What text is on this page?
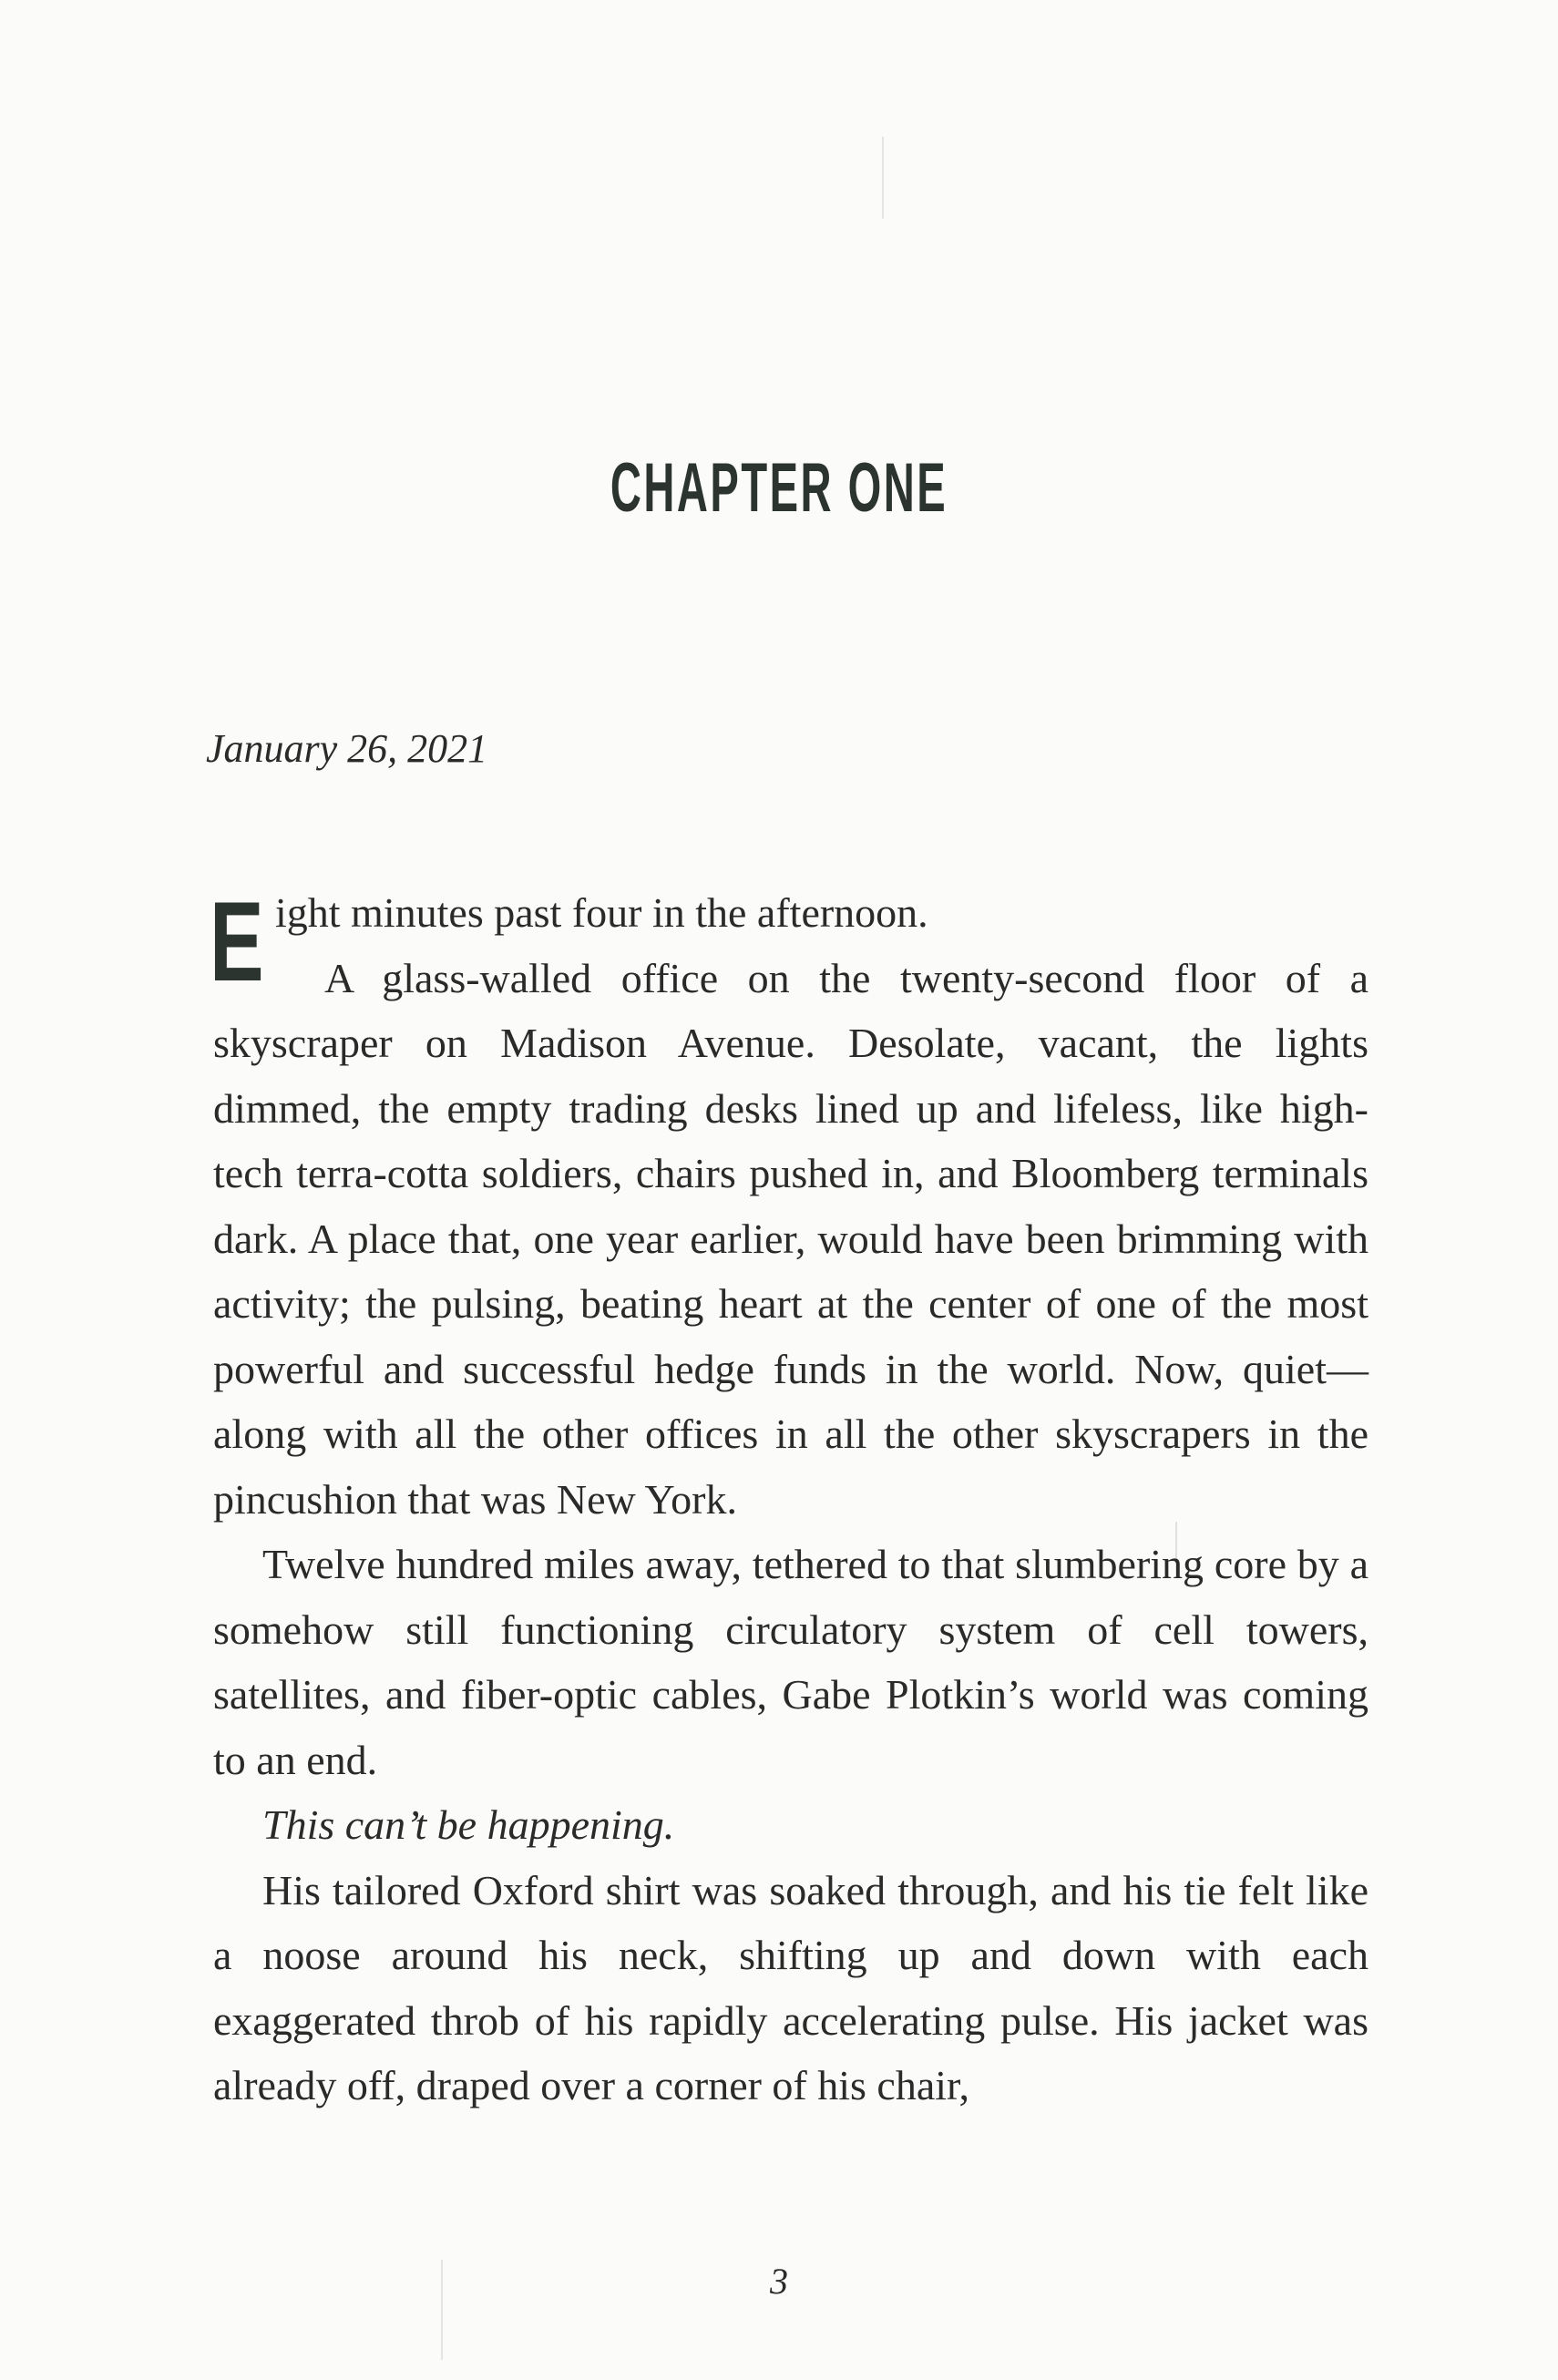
CHAPTER ONE
January 26, 2021

Eight minutes past four in the afternoon.

A glass-walled office on the twenty-second floor of a skyscraper on Madison Avenue. Desolate, vacant, the lights dimmed, the empty trading desks lined up and lifeless, like high-tech terra-cotta soldiers, chairs pushed in, and Bloomberg terminals dark. A place that, one year earlier, would have been brimming with activity; the pulsing, beating heart at the center of one of the most powerful and successful hedge funds in the world. Now, quiet—along with all the other offices in all the other skyscrapers in the pincushion that was New York.

Twelve hundred miles away, tethered to that slumbering core by a somehow still functioning circulatory system of cell towers, satellites, and fiber-optic cables, Gabe Plotkin’s world was coming to an end.

This can’t be happening.

His tailored Oxford shirt was soaked through, and his tie felt like a noose around his neck, shifting up and down with each exaggerated throb of his rapidly accelerating pulse. His jacket was already off, draped over a corner of his chair,

3
